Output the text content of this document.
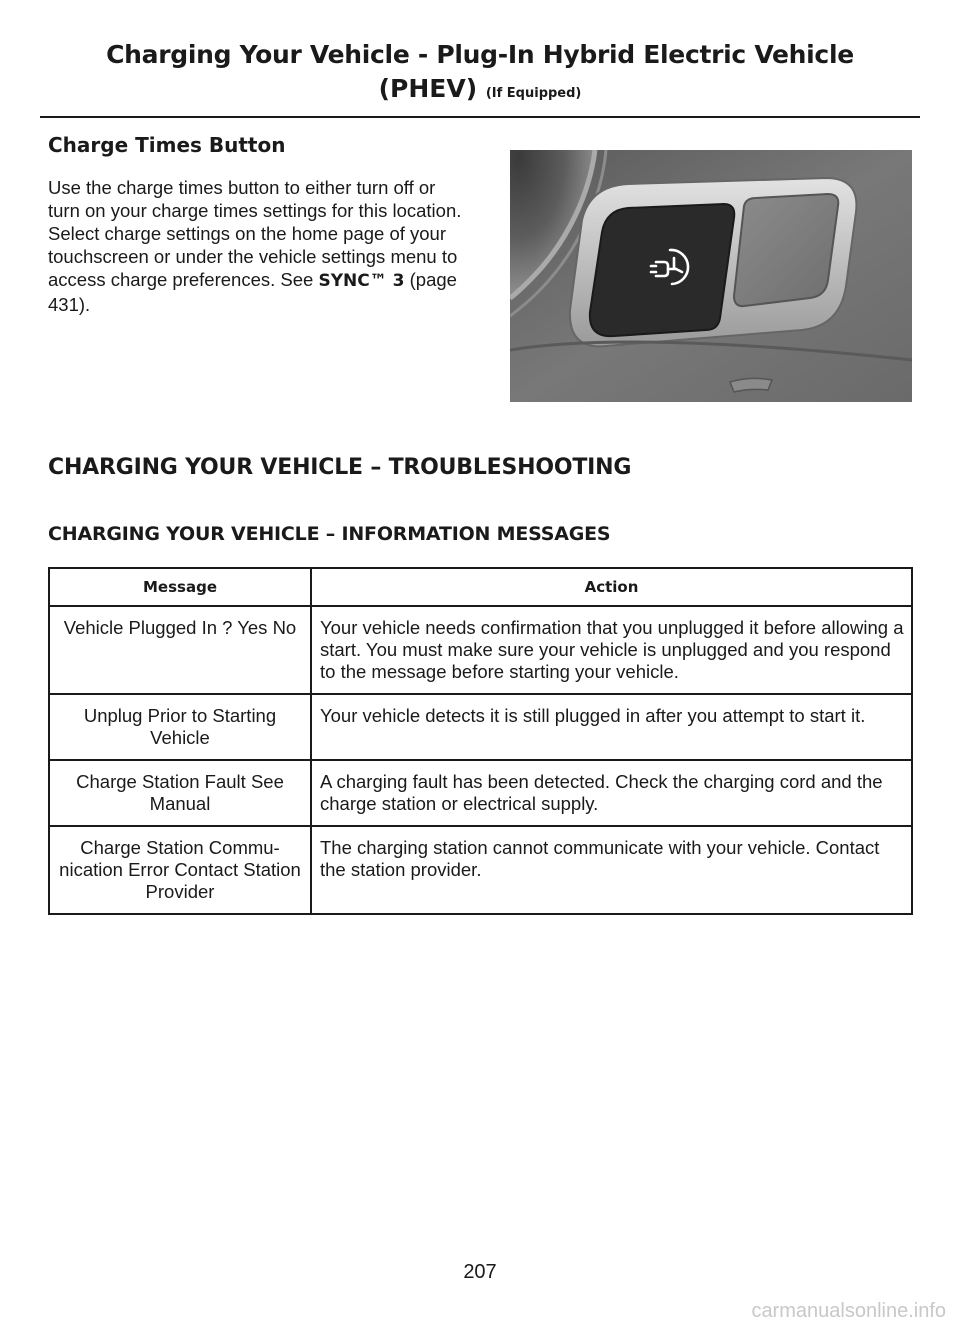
Charging Your Vehicle - Plug-In Hybrid Electric Vehicle
(PHEV) (If Equipped)
Charge Times Button
Use the charge times button to either turn off or turn on your charge times settings for this location. Select charge settings on the home page of your touchscreen or under the vehicle settings menu to access charge preferences. See SYNC™ 3 (page 431).
CHARGING YOUR VEHICLE – TROUBLESHOOTING
CHARGING YOUR VEHICLE – INFORMATION MESSAGES
Message	Action
Vehicle Plugged In ? Yes No	Your vehicle needs confirmation that you unplugged it before allowing a start. You must make sure your vehicle is unplugged and you respond to the message before starting your vehicle.
Unplug Prior to Starting Vehicle	Your vehicle detects it is still plugged in after you attempt to start it.
Charge Station Fault See Manual	A charging fault has been detected. Check the charging cord and the charge station or electrical supply.
Charge Station Commu-nication Error Contact Station Provider	The charging station cannot communicate with your vehicle. Contact the station provider.
207
carmanualsonline.info
